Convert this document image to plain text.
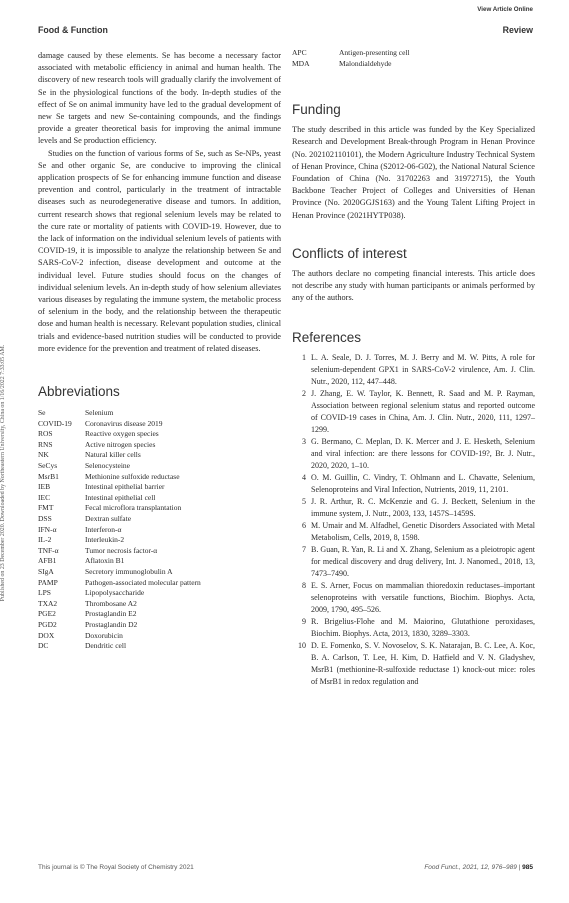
View Article Online
Food & Function	Review
Published on 23 December 2020. Downloaded by Northeastern University, China on 1/16/2022 7:33:05 AM.

damage caused by these elements. Se has become a necessary factor associated with metabolic efficiency in animal and human health. The discovery of new research tools will gradually clarify the involvement of Se in the physiological functions of the body. In-depth studies of the effect of Se on animal immunity have led to the gradual development of new Se targets and new Se-containing compounds, and the findings provide a greater theoretical basis for improving the animal immune levels and Se production efficiency.

Studies on the function of various forms of Se, such as Se-NPs, yeast Se and other organic Se, are conducive to improving the clinical application prospects of Se for enhancing immune function and disease prevention and control, particularly in the treatment of intractable diseases such as neurodegenerative disease and tumors. In addition, current research shows that regional selenium levels may be related to the cure rate or mortality of patients with COVID-19. However, due to the lack of information on the individual selenium levels of patients with COVID-19, it is impossible to analyze the relationship between Se and SARS-CoV-2 infection, disease development and outcome at the individual level. Future studies should focus on the changes of individual selenium levels. An in-depth study of how selenium alleviates various diseases by regulating the immune system, the metabolic process of selenium in the body, and the relationship between the therapeutic dose and human health is necessary. Relevant population studies, clinical trials and evidence-based nutrition studies will be conducted to provide more evidence for the prevention and treatment of related diseases.

Abbreviations
Se	Selenium
COVID-19	Coronavirus disease 2019
ROS	Reactive oxygen species
RNS	Active nitrogen species
NK	Natural killer cells
SeCys	Selenocysteine
MsrB1	Methionine sulfoxide reductase
IEB	Intestinal epithelial barrier
IEC	Intestinal epithelial cell
FMT	Fecal microflora transplantation
DSS	Dextran sulfate
IFN-α	Interferon-α
IL-2	Interleukin-2
TNF-α	Tumor necrosis factor-α
AFB1	Aflatoxin B1
SIgA	Secretory immunoglobulin A
PAMP	Pathogen-associated molecular pattern
LPS	Lipopolysaccharide
TXA2	Thrombosane A2
PGE2	Prostaglandin E2
PGD2	Prostaglandin D2
DOX	Doxorubicin
DC	Dendritic cell
APC	Antigen-presenting cell
MDA	Malondialdehyde
Funding

The study described in this article was funded by the Key Specialized Research and Development Break-through Program in Henan Province (No. 202102110101), the Modern Agriculture Industry Technical System of Henan Province, China (S2012-06-G02), the National Natural Science Foundation of China (No. 31702263 and 31972715), the Youth Backbone Teacher Project of Colleges and Universities of Henan Province (No. 2020GGJS163) and the Young Talent Lifting Project in Henan Province (2021HYTP038).

Conflicts of interest

The authors declare no competing financial interests. This article does not describe any study with human participants or animals performed by any of the authors.

References
1 L. A. Seale, D. J. Torres, M. J. Berry and M. W. Pitts, A role for selenium-dependent GPX1 in SARS-CoV-2 virulence, Am. J. Clin. Nutr., 2020, 112, 447–448.
2 J. Zhang, E. W. Taylor, K. Bennett, R. Saad and M. P. Rayman, Association between regional selenium status and reported outcome of COVID-19 cases in China, Am. J. Clin. Nutr., 2020, 111, 1297–1299.
3 G. Bermano, C. Meplan, D. K. Mercer and J. E. Hesketh, Selenium and viral infection: are there lessons for COVID-19?, Br. J. Nutr., 2020, 2020, 1–10.
4 O. M. Guillin, C. Vindry, T. Ohlmann and L. Chavatte, Selenium, Selenoproteins and Viral Infection, Nutrients, 2019, 11, 2101.
5 J. R. Arthur, R. C. McKenzie and G. J. Beckett, Selenium in the immune system, J. Nutr., 2003, 133, 1457S–1459S.
6 M. Umair and M. Alfadhel, Genetic Disorders Associated with Metal Metabolism, Cells, 2019, 8, 1598.
7 B. Guan, R. Yan, R. Li and X. Zhang, Selenium as a pleiotropic agent for medical discovery and drug delivery, Int. J. Nanomed., 2018, 13, 7473–7490.
8 E. S. Arner, Focus on mammalian thioredoxin reductases–important selenoproteins with versatile functions, Biochim. Biophys. Acta, 2009, 1790, 495–526.
9 R. Brigelius-Flohe and M. Maiorino, Glutathione peroxidases, Biochim. Biophys. Acta, 2013, 1830, 3289–3303.
10 D. E. Fomenko, S. V. Novoselov, S. K. Natarajan, B. C. Lee, A. Koc, B. A. Carlson, T. Lee, H. Kim, D. Hatfield and V. N. Gladyshev, MsrB1 (methionine-R-sulfoxide reductase 1) knock-out mice: roles of MsrB1 in redox regulation and
This journal is © The Royal Society of Chemistry 2021	Food Funct., 2021, 12, 976–989 | 985
